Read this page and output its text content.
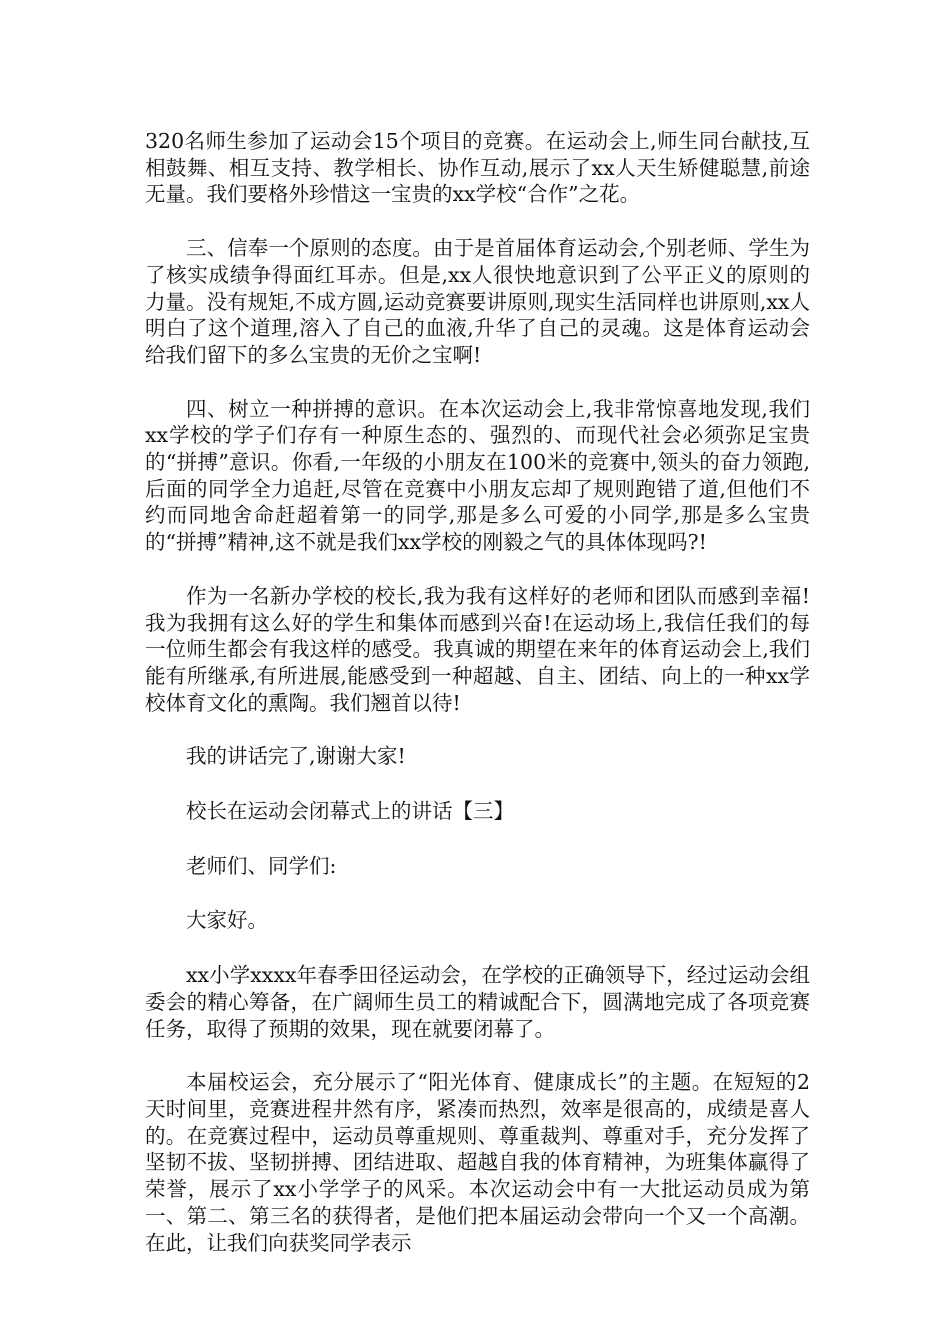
320名师生参加了运动会15个项目的竞赛。在运动会上,师生同台献技,互相鼓舞、相互支持、教学相长、协作互动,展示了xx人天生矫健聪慧,前途无量。我们要格外珍惜这一宝贵的xx学校“合作”之花。

三、信奉一个原则的态度。由于是首届体育运动会,个别老师、学生为了核实成绩争得面红耳赤。但是,xx人很快地意识到了公平正义的原则的力量。没有规矩,不成方圆,运动竞赛要讲原则,现实生活同样也讲原则,xx人明白了这个道理,溶入了自己的血液,升华了自己的灵魂。这是体育运动会给我们留下的多么宝贵的无价之宝啊!

四、树立一种拼搏的意识。在本次运动会上,我非常惊喜地发现,我们xx学校的学子们存有一种原生态的、强烈的、而现代社会必须弥足宝贵的“拼搏”意识。你看,一年级的小朋友在100米的竞赛中,领头的奋力领跑,后面的同学全力追赶,尽管在竞赛中小朋友忘却了规则跑错了道,但他们不约而同地舍命赶超着第一的同学,那是多么可爱的小同学,那是多么宝贵的“拼搏”精神,这不就是我们xx学校的刚毅之气的具体体现吗?!

作为一名新办学校的校长,我为我有这样好的老师和团队而感到幸福!我为我拥有这么好的学生和集体而感到兴奋!在运动场上,我信任我们的每一位师生都会有我这样的感受。我真诚的期望在来年的体育运动会上,我们能有所继承,有所进展,能感受到一种超越、自主、团结、向上的一种xx学校体育文化的熏陶。我们翘首以待!

我的讲话完了,谢谢大家!

校长在运动会闭幕式上的讲话【三】

老师们、同学们:

大家好。

xx小学xxxx年春季田径运动会，在学校的正确领导下，经过运动会组委会的精心筹备，在广阔师生员工的精诚配合下，圆满地完成了各项竞赛任务，取得了预期的效果，现在就要闭幕了。

本届校运会，充分展示了“阳光体育、健康成长”的主题。在短短的2天时间里，竞赛进程井然有序，紧凑而热烈，效率是很高的，成绩是喜人的。在竞赛过程中，运动员尊重规则、尊重裁判、尊重对手，充分发挥了坚韧不拔、坚韧拼搏、团结进取、超越自我的体育精神，为班集体赢得了荣誉，展示了xx小学学子的风采。本次运动会中有一大批运动员成为第一、第二、第三名的获得者，是他们把本届运动会带向一个又一个高潮。在此，让我们向获奖同学表示
